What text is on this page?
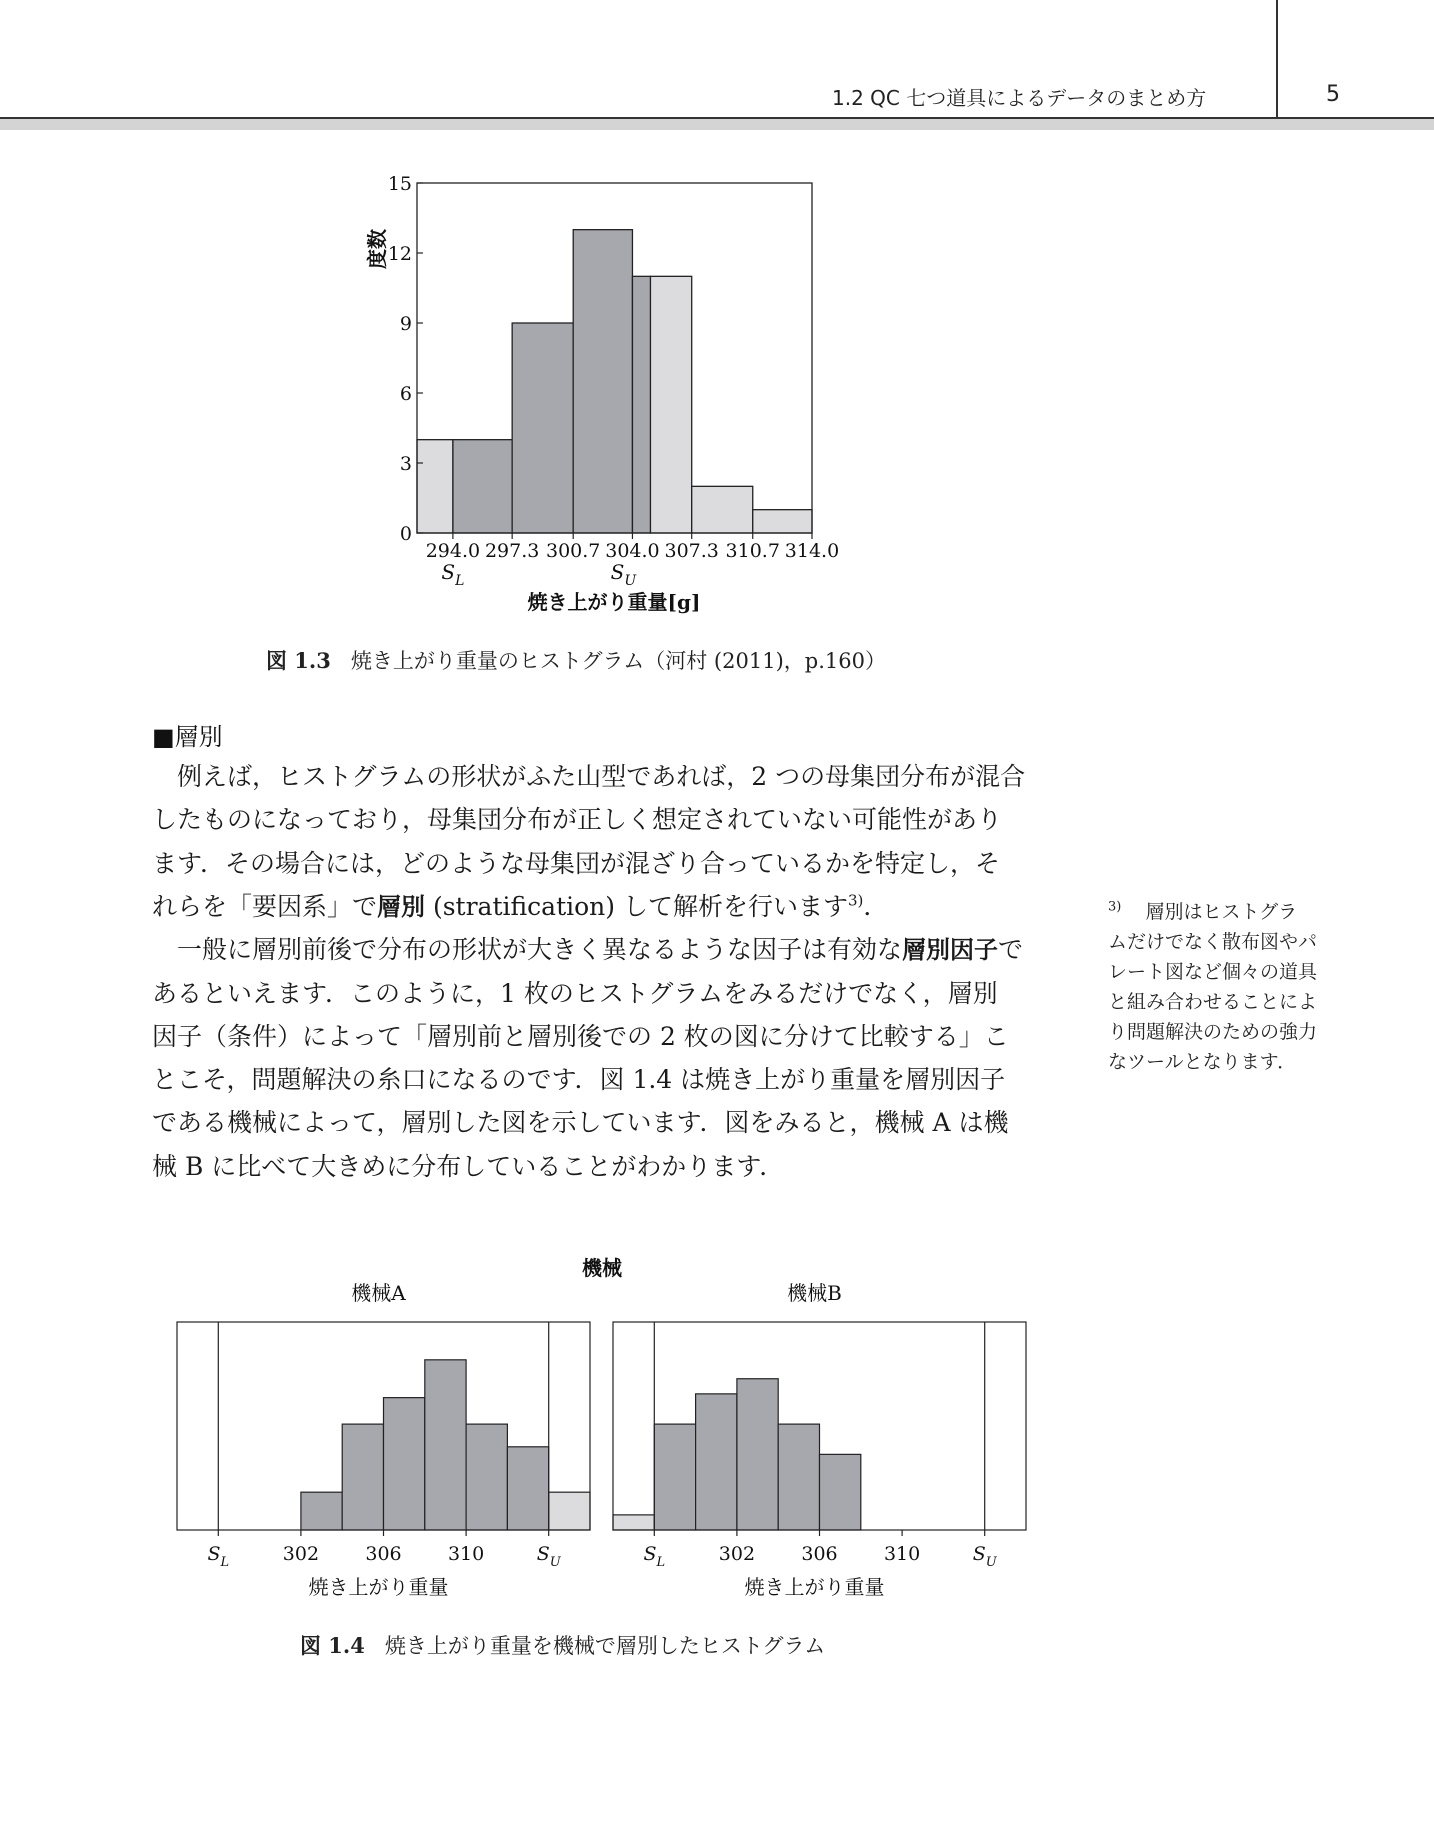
1.2 QC 七つ道具によるデータのまとめ方	5
0
3
6
9
12
15
294.0 297.3 300.7 304.0 307.3 310.7 314.0
$S_L$	$S_U$
度数
焼き上がり重量[g]
図 1.3 焼き上がり重量のヒストグラム（河村 (2011)，p.160）
■層別
例えば，ヒストグラムの形状がふた山型であれば，2 つの母集団分布が混合
したものになっており，母集団分布が正しく想定されていない可能性があり
ます．その場合には，どのような母集団が混ざり合っているかを特定し，そ
れらを「要因系」で層別 (stratification) して解析を行います$^{3)}$．
一般に層別前後で分布の形状が大きく異なるような因子は有効な層別因子で
あるといえます．このように，1 枚のヒストグラムをみるだけでなく，層別
因子（条件）によって「層別前と層別後での 2 枚の図に分けて比較する」こ
とこそ，問題解決の糸口になるのです．図 1.4 は焼き上がり重量を層別因子
である機械によって，層別した図を示しています．図をみると，機械 A は機
械 B に比べて大きめに分布していることがわかります．
$^{3)}$ 層別はヒストグラ
ムだけでなく散布図やパ
レート図など個々の道具
と組み合わせることによ
り問題解決のための強力
なツールとなります．
機械
機械A
302 306 310
$S_L$	$S_U$
焼き上がり重量
機械B
302 306 310
$S_L$	$S_U$
焼き上がり重量
図 1.4 焼き上がり重量を機械で層別したヒストグラム
